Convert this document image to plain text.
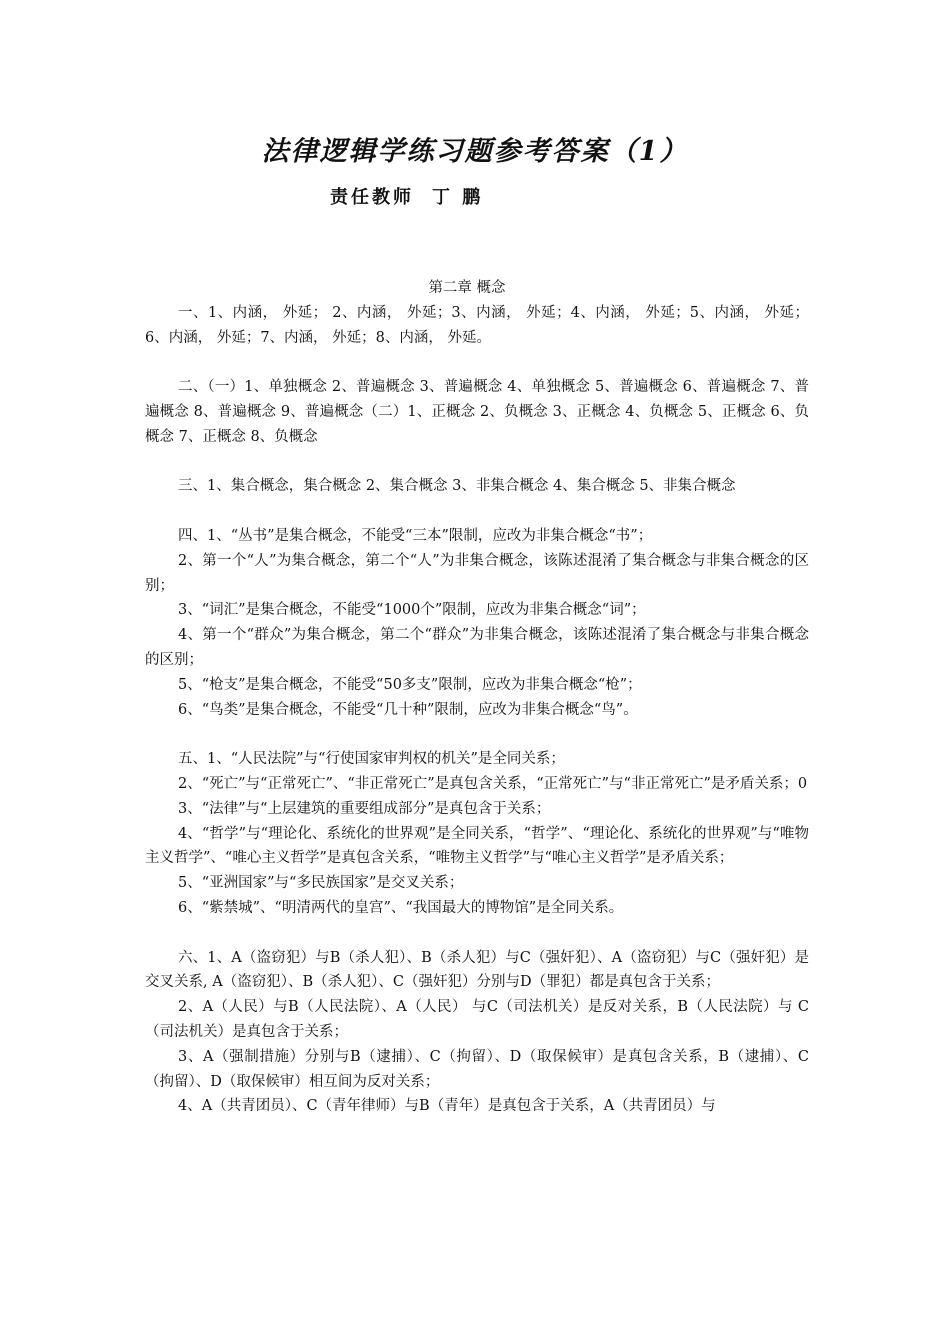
法律逻辑学练习题参考答案（1）
责任教师 丁 鹏
第二章 概念

一、1、内涵， 外延； 2、内涵， 外延；3、内涵， 外延；4、内涵， 外延；5、内涵， 外延；6、内涵， 外延；7、内涵， 外延；8、内涵， 外延。

二、（一）1、单独概念 2、普遍概念 3、普遍概念 4、单独概念 5、普遍概念 6、普遍概念 7、普遍概念 8、普遍概念 9、普遍概念（二）1、正概念 2、负概念 3、正概念 4、负概念 5、正概念 6、负概念 7、正概念 8、负概念

三、1、集合概念，集合概念 2、集合概念 3、非集合概念 4、集合概念 5、非集合概念

四、1、“丛书”是集合概念，不能受“三本”限制，应改为非集合概念“书”；

2、第一个“人”为集合概念，第二个“人”为非集合概念，该陈述混淆了集合概念与非集合概念的区别；

3、“词汇”是集合概念，不能受“1000个”限制，应改为非集合概念“词”；

4、第一个“群众”为集合概念，第二个“群众”为非集合概念，该陈述混淆了集合概念与非集合概念的区别；

5、“枪支”是集合概念，不能受“50多支”限制，应改为非集合概念“枪”；

6、“鸟类”是集合概念，不能受“几十种”限制，应改为非集合概念“鸟”。

五、1、“人民法院”与“行使国家审判权的机关”是全同关系；

2、“死亡”与“正常死亡”、“非正常死亡”是真包含关系，“正常死亡”与“非正常死亡”是矛盾关系；0

3、“法律”与“上层建筑的重要组成部分”是真包含于关系；

4、“哲学”与“理论化、系统化的世界观”是全同关系，“哲学”、“理论化、系统化的世界观”与“唯物主义哲学”、“唯心主义哲学”是真包含关系，“唯物主义哲学”与“唯心主义哲学”是矛盾关系；

5、“亚洲国家”与“多民族国家”是交叉关系；

6、“紫禁城”、“明清两代的皇宫”、“我国最大的博物馆”是全同关系。

六、1、A（盗窃犯）与B（杀人犯）、B（杀人犯）与C（强奸犯）、A（盗窃犯）与C（强奸犯）是交叉关系, A（盗窃犯）、B（杀人犯）、C（强奸犯）分别与D（罪犯）都是真包含于关系；

2、A（人民）与B（人民法院）、A（人民） 与C（司法机关）是反对关系，B（人民法院）与 C（司法机关）是真包含于关系；

3、A（强制措施）分别与B（逮捕）、C（拘留）、D（取保候审）是真包含关系，B（逮捕）、C（拘留）、D（取保候审）相互间为反对关系；

4、A（共青团员）、C（青年律师）与B（青年）是真包含于关系，A（共青团员）与
